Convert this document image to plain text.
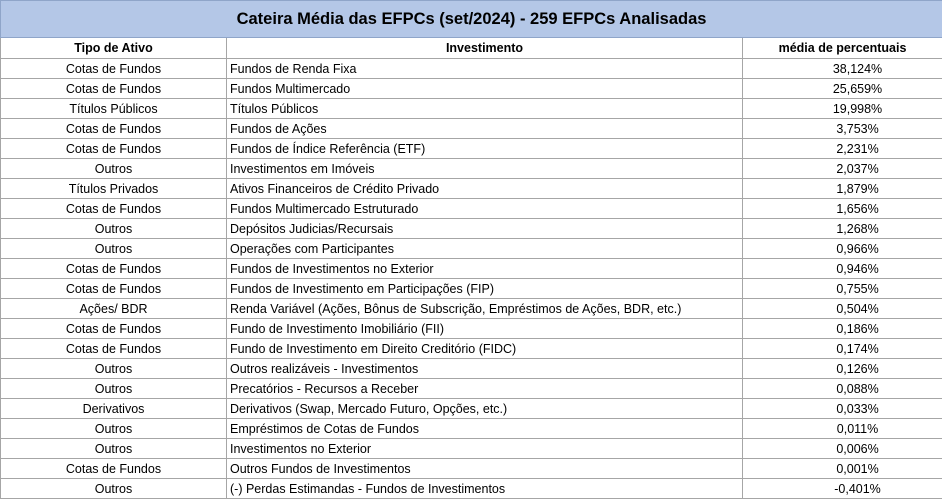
Cateira Média das EFPCs (set/2024) - 259 EFPCs Analisadas		
Tipo de Ativo	Investimento	média de percentuais
Cotas de Fundos	Fundos de Renda Fixa	38,124%
Cotas de Fundos	Fundos Multimercado	25,659%
Títulos Públicos	Títulos Públicos	19,998%
Cotas de Fundos	Fundos de Ações	3,753%
Cotas de Fundos	Fundos de Índice Referência (ETF)	2,231%
Outros	Investimentos em Imóveis	2,037%
Títulos Privados	Ativos Financeiros de Crédito Privado	1,879%
Cotas de Fundos	Fundos Multimercado Estruturado	1,656%
Outros	Depósitos Judicias/Recursais	1,268%
Outros	Operações com Participantes	0,966%
Cotas de Fundos	Fundos de Investimentos no Exterior	0,946%
Cotas de Fundos	Fundos de Investimento em Participações (FIP)	0,755%
Ações/ BDR	Renda Variável (Ações, Bônus de Subscrição, Empréstimos de Ações, BDR, etc.)	0,504%
Cotas de Fundos	Fundo de Investimento Imobiliário (FII)	0,186%
Cotas de Fundos	Fundo de Investimento em Direito Creditório (FIDC)	0,174%
Outros	Outros realizáveis - Investimentos	0,126%
Outros	Precatórios - Recursos a Receber	0,088%
Derivativos	Derivativos (Swap, Mercado Futuro, Opções, etc.)	0,033%
Outros	Empréstimos de Cotas de Fundos	0,011%
Outros	Investimentos no Exterior	0,006%
Cotas de Fundos	Outros Fundos de Investimentos	0,001%
Outros	(-) Perdas Estimandas - Fundos de Investimentos	-0,401%
